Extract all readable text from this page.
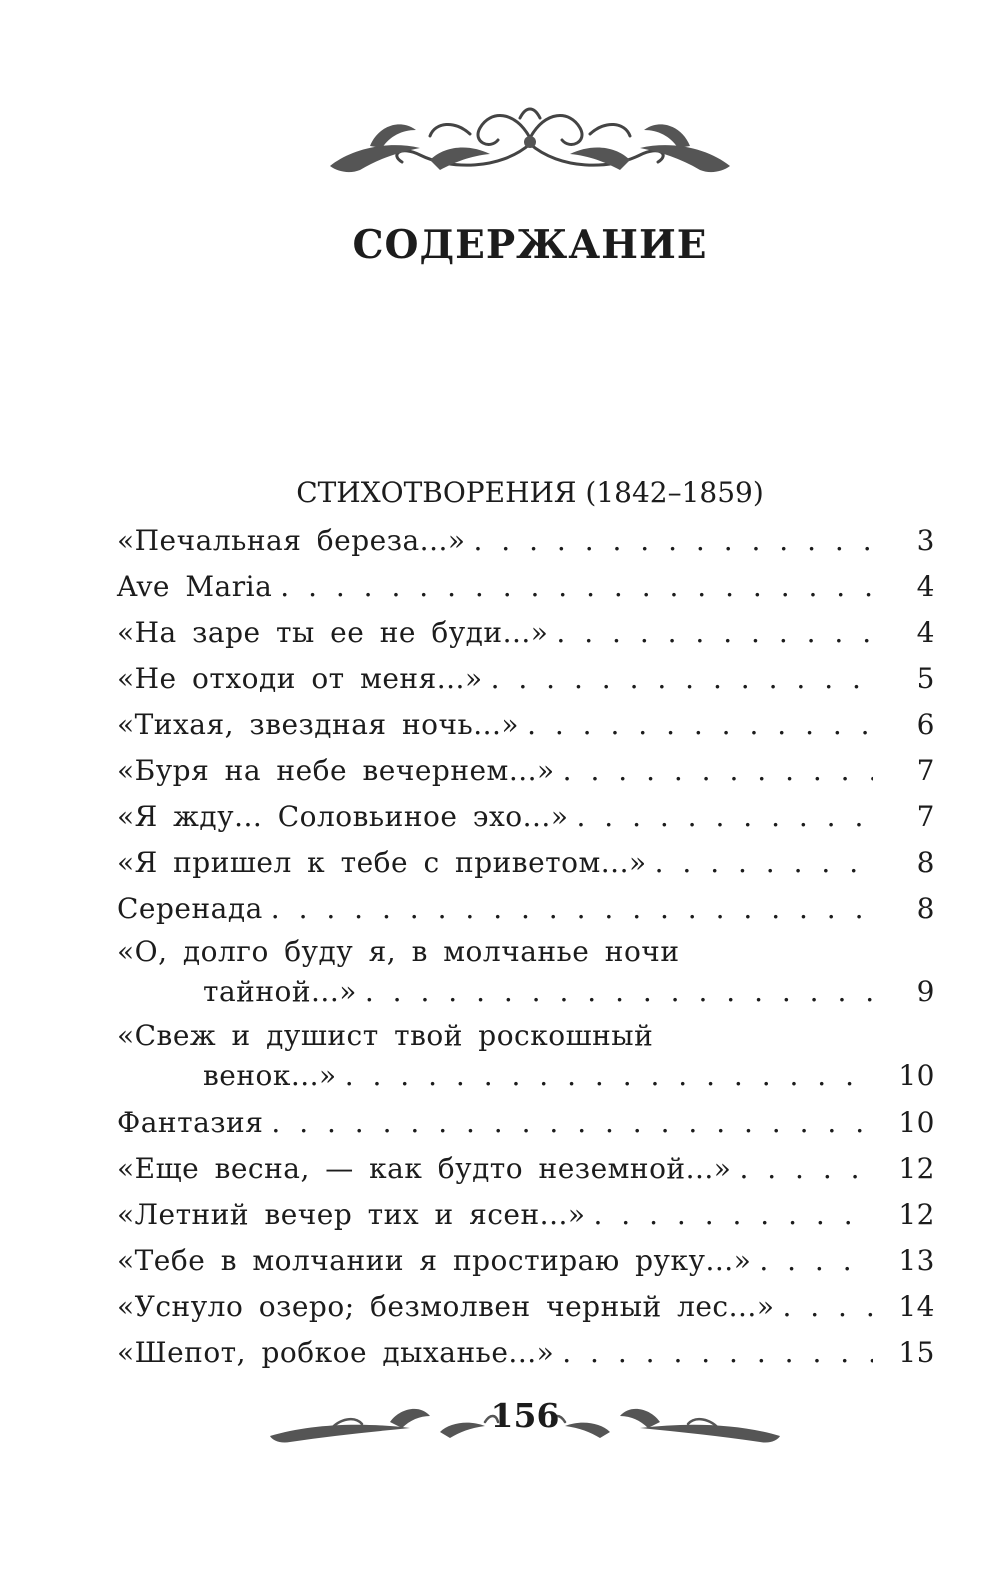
СОДЕРЖАНИЕ
СТИХОТВОРЕНИЯ (1842–1859)
«Печальная береза...» . . .	3
Ave Maria . . .	4
«На заре ты ее не буди...» . . .	4
«Не отходи от меня...» . . .	5
«Тихая, звездная ночь...» . . .	6
«Буря на небе вечернем...» . . .	7
«Я жду... Соловьиное эхо...» . . .	7
«Я пришел к тебе с приветом...» . . .	8
Серенада . . .	8
«О, долго буду я, в молчанье ночи
тайной...» . . .	9
«Свеж и душист твой роскошный
венок...» . . .	10
Фантазия . . .	10
«Еще весна, — как будто неземной...» . . .	12
«Летний вечер тих и ясен...» . . .	12
«Тебе в молчании я простираю руку...» . . .	13
«Уснуло озеро; безмолвен черный лес...» . . .	14
«Шепот, робкое дыханье...» . . .	15
156
